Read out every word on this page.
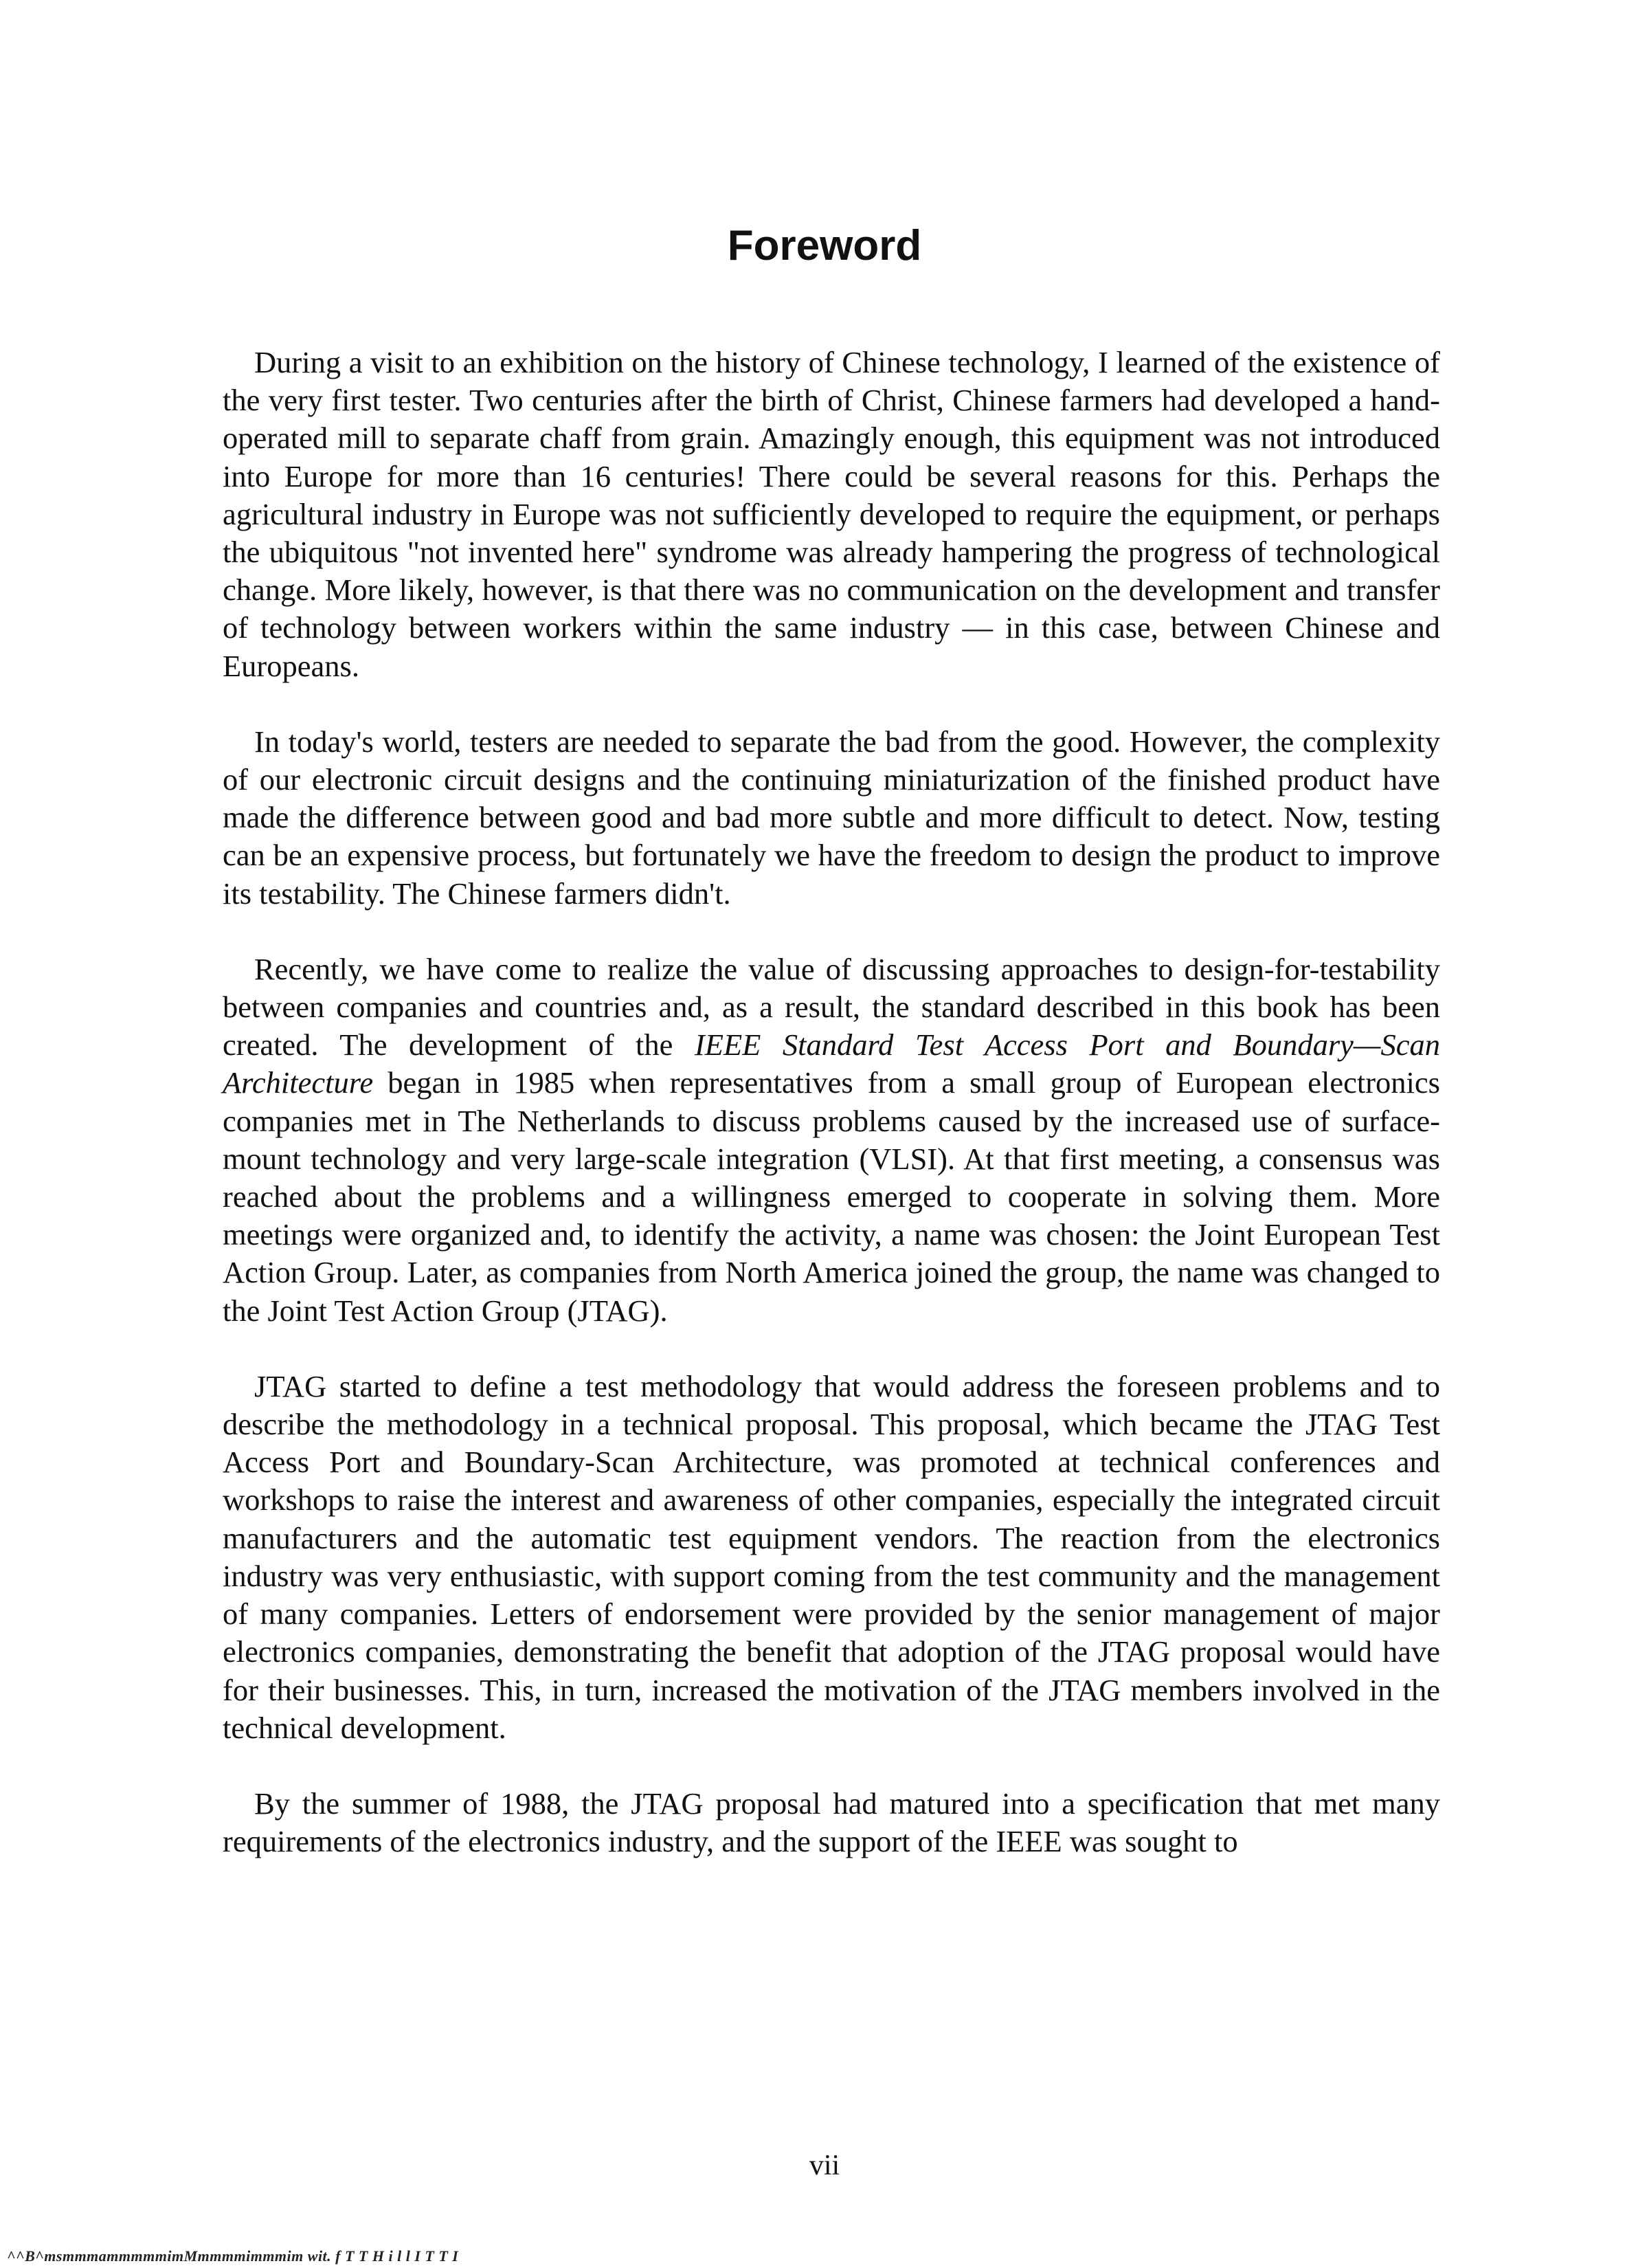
Foreword

During a visit to an exhibition on the history of Chinese technology, I learned of the existence of the very first tester. Two centuries after the birth of Christ, Chinese farmers had developed a hand-operated mill to separate chaff from grain. Amazingly enough, this equipment was not introduced into Europe for more than 16 centuries! There could be several reasons for this. Perhaps the agricultural industry in Europe was not sufficiently developed to require the equipment, or perhaps the ubiquitous "not invented here" syndrome was already hampering the progress of technological change. More likely, however, is that there was no communication on the development and transfer of technology between workers within the same industry — in this case, between Chinese and Europeans.

In today's world, testers are needed to separate the bad from the good. However, the complexity of our electronic circuit designs and the continuing miniaturization of the finished product have made the difference between good and bad more subtle and more difficult to detect. Now, testing can be an expensive process, but fortunately we have the freedom to design the product to improve its testability. The Chinese farmers didn't.

Recently, we have come to realize the value of discussing approaches to design-for-testability between companies and countries and, as a result, the standard described in this book has been created. The development of the IEEE Standard Test Access Port and Boundary—Scan Architecture began in 1985 when representatives from a small group of European electronics companies met in The Netherlands to discuss problems caused by the increased use of surface-mount technology and very large-scale integration (VLSI). At that first meeting, a consensus was reached about the problems and a willingness emerged to cooperate in solving them. More meetings were organized and, to identify the activity, a name was chosen: the Joint European Test Action Group. Later, as companies from North America joined the group, the name was changed to the Joint Test Action Group (JTAG).

JTAG started to define a test methodology that would address the foreseen problems and to describe the methodology in a technical proposal. This proposal, which became the JTAG Test Access Port and Boundary-Scan Architecture, was promoted at technical conferences and workshops to raise the interest and awareness of other companies, especially the integrated circuit manufacturers and the automatic test equipment vendors. The reaction from the electronics industry was very enthusiastic, with support coming from the test community and the management of many companies. Letters of endorsement were provided by the senior management of major electronics companies, demonstrating the benefit that adoption of the JTAG proposal would have for their businesses. This, in turn, increased the motivation of the JTAG members involved in the technical development.

By the summer of 1988, the JTAG proposal had matured into a specification that met many requirements of the electronics industry, and the support of the IEEE was sought to

vii
^^B^msmmmammmmmimMmmmmimmmim wit. f T T H i l l I T T I
